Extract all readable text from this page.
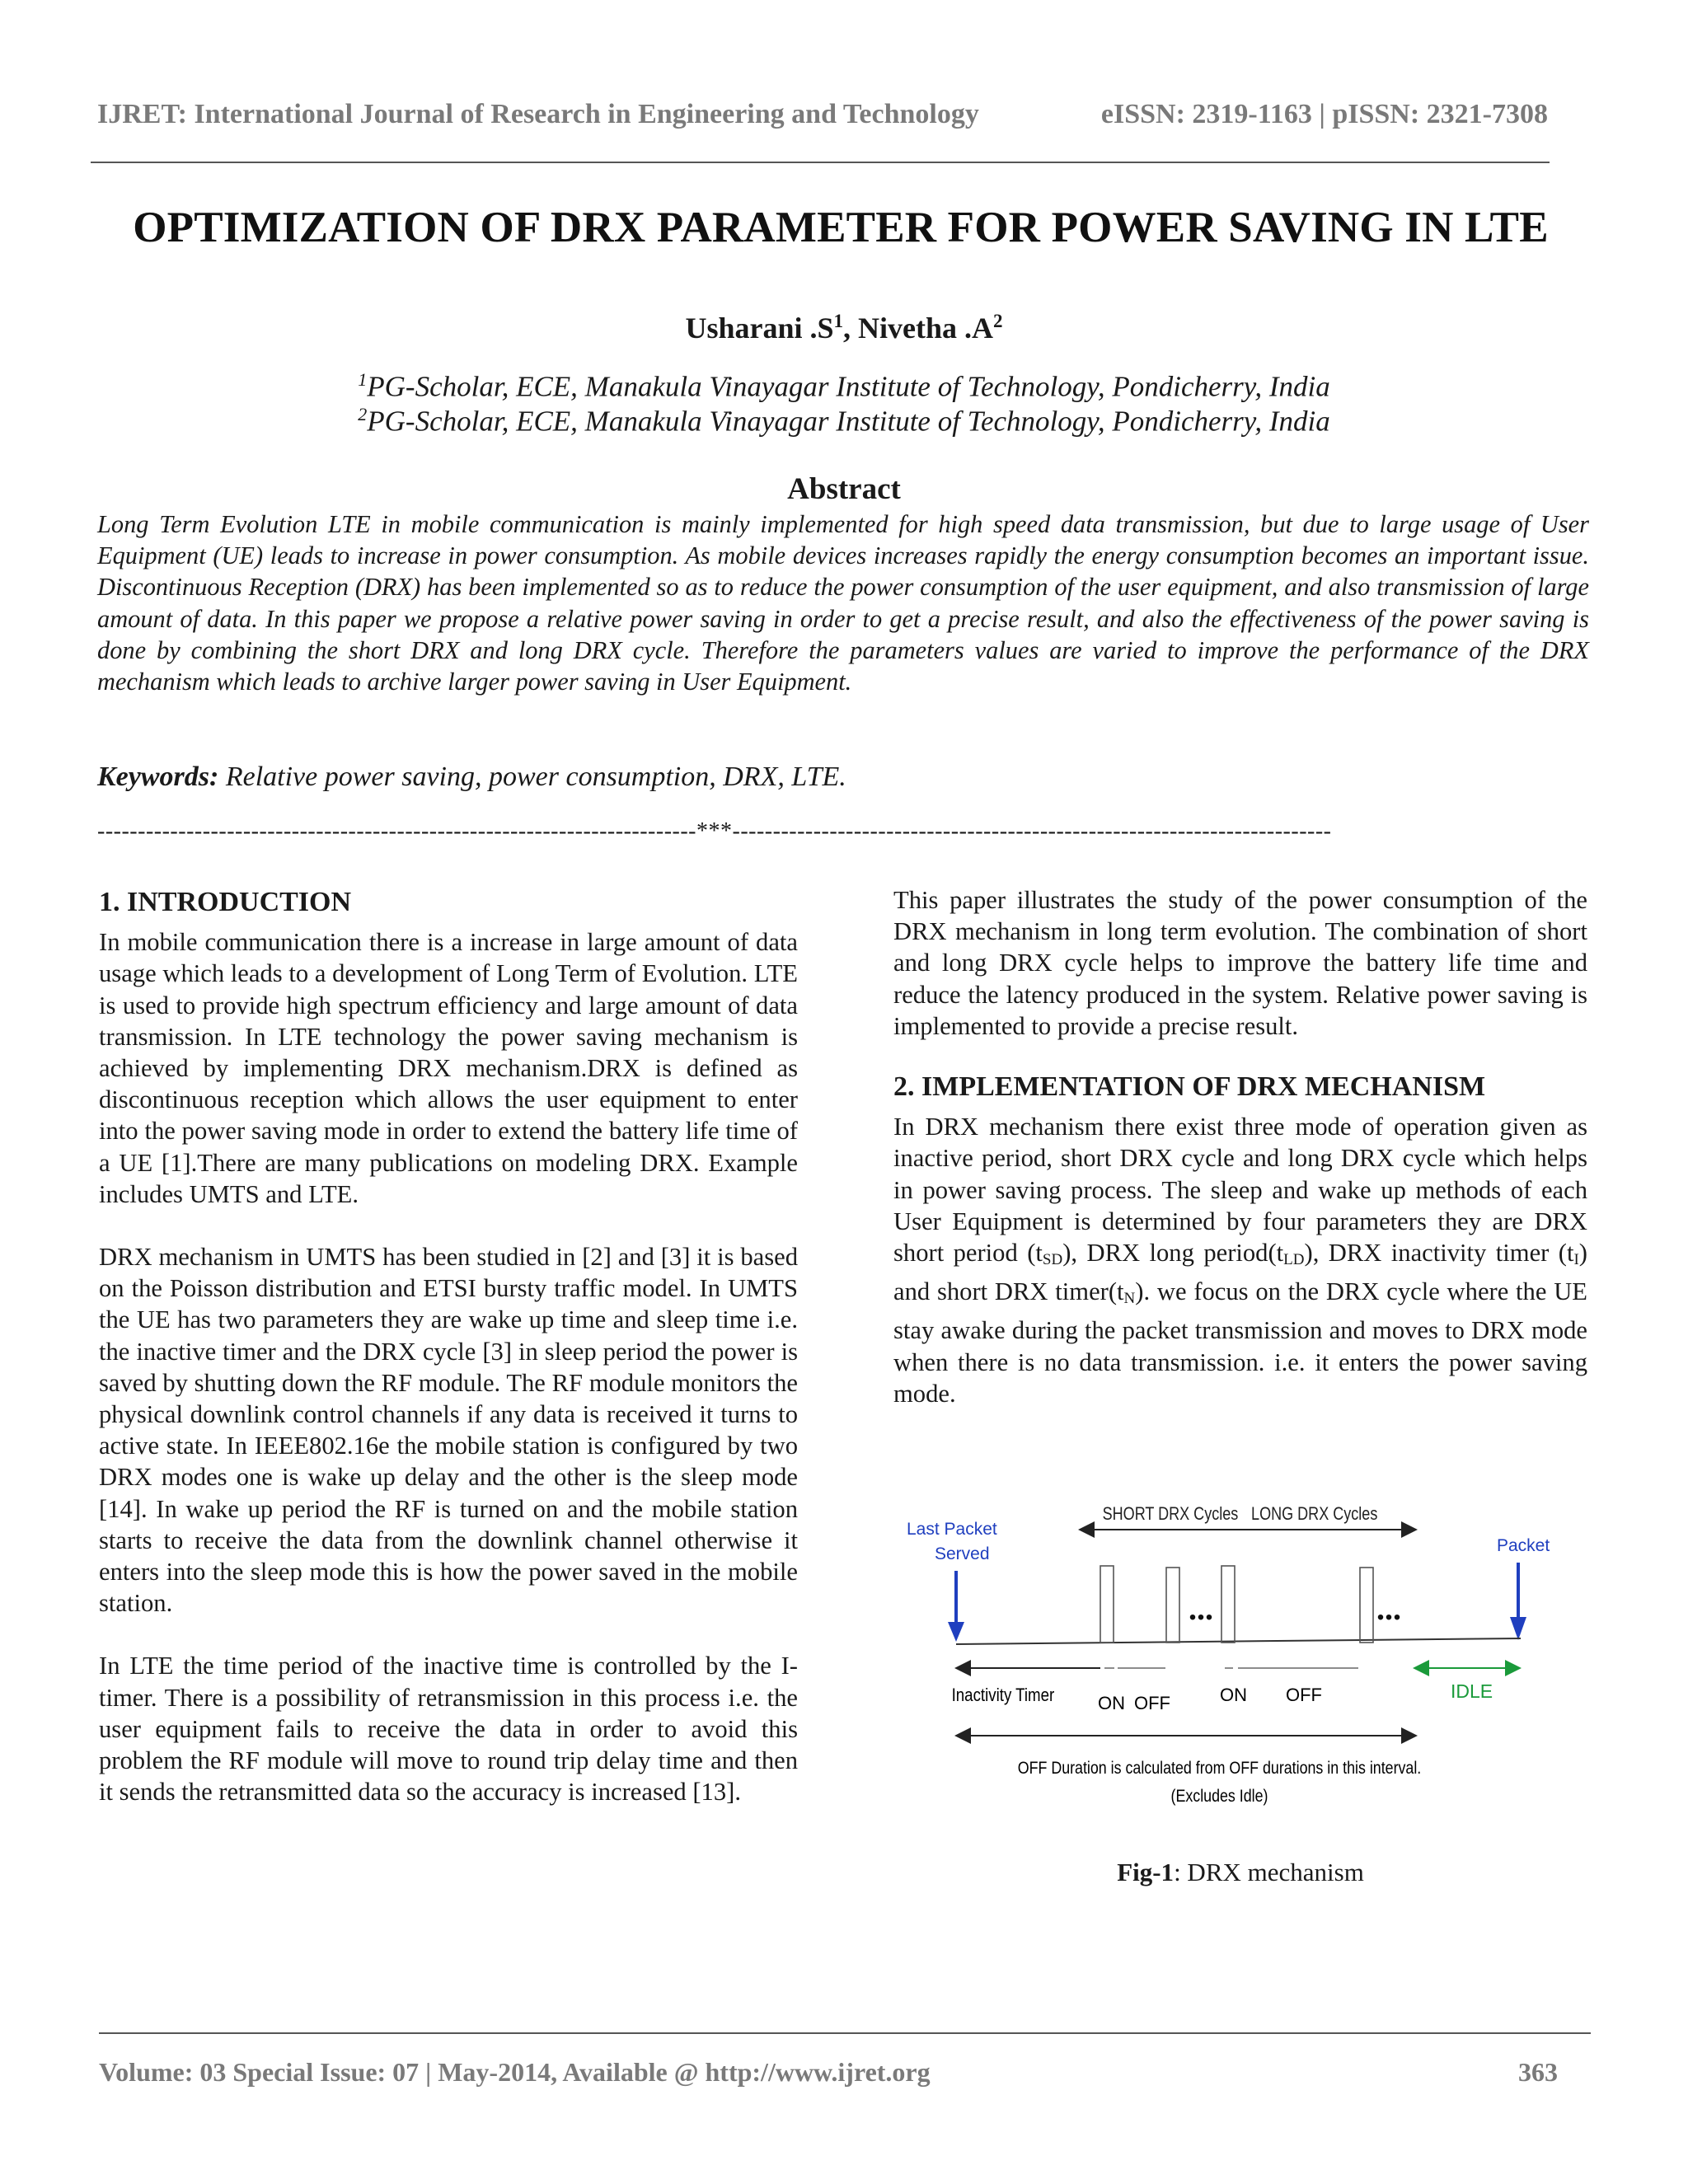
IJRET: International Journal of Research in Engineering and Technology	eISSN: 2319-1163 | pISSN: 2321-7308
OPTIMIZATION OF DRX PARAMETER FOR POWER SAVING IN LTE
Usharani $.S^1$, Nivetha $.A^2$
$^1$PG-Scholar, ECE, Manakula Vinayagar Institute of Technology, Pondicherry, India
$^2$PG-Scholar, ECE, Manakula Vinayagar Institute of Technology, Pondicherry, India
Abstract
Long Term Evolution LTE in mobile communication is mainly implemented for high speed data transmission, but due to large usage of User Equipment (UE) leads to increase in power consumption. As mobile devices increases rapidly the energy consumption becomes an important issue. Discontinuous Reception (DRX) has been implemented so as to reduce the power consumption of the user equipment, and also transmission of large amount of data. In this paper we propose a relative power saving in order to get a precise result, and also the effectiveness of the power saving is done by combining the short DRX and long DRX cycle. Therefore the parameters values are varied to improve the performance of the DRX mechanism which leads to archive larger power saving in User Equipment.
Keywords: Relative power saving, power consumption, DRX, LTE.
--------------------------------------------------------------------------***--------------------------------------------------------------------------
1. INTRODUCTION

In mobile communication there is a increase in large amount of data usage which leads to a development of Long Term of Evolution. LTE is used to provide high spectrum efficiency and large amount of data transmission. In LTE technology the power saving mechanism is achieved by implementing DRX mechanism.DRX is defined as discontinuous reception which allows the user equipment to enter into the power saving mode in order to extend the battery life time of a UE [1].There are many publications on modeling DRX. Example includes UMTS and LTE.

DRX mechanism in UMTS has been studied in [2] and [3] it is based on the Poisson distribution and ETSI bursty traffic model. In UMTS the UE has two parameters they are wake up time and sleep time i.e. the inactive timer and the DRX cycle [3] in sleep period the power is saved by shutting down the RF module. The RF module monitors the physical downlink control channels if any data is received it turns to active state. In IEEE802.16e the mobile station is configured by two DRX modes one is wake up delay and the other is the sleep mode [14]. In wake up period the RF is turned on and the mobile station starts to receive the data from the downlink channel otherwise it enters into the sleep mode this is how the power saved in the mobile station.

In LTE the time period of the inactive time is controlled by the I-timer. There is a possibility of retransmission in this process i.e. the user equipment fails to receive the data in order to avoid this problem the RF module will move to round trip delay time and then it sends the retransmitted data so the accuracy is increased [13].

This paper illustrates the study of the power consumption of the DRX mechanism in long term evolution. The combination of short and long DRX cycle helps to improve the battery life time and reduce the latency produced in the system. Relative power saving is implemented to provide a precise result.

2. IMPLEMENTATION OF DRX MECHANISM

In DRX mechanism there exist three mode of operation given as inactive period, short DRX cycle and long DRX cycle which helps in power saving process. The sleep and wake up methods of each User Equipment is determined by four parameters they are DRX short period $(t_{SD})$, DRX long $period(t_{LD})$, DRX inactivity timer $(t_I)$ and short DRX $timer(t_N)$. we focus on the DRX cycle where the UE stay awake during the packet transmission and moves to DRX mode when there is no data transmission. i.e. it enters the power saving mode.

SHORT DRX Cycles LONG DRX Cycles
Last Packet
Served	Packet
...	...
Inactivity Timer ON OFF	ON OFF	IDLE
OFF Duration is calculated from OFF durations in this interval.
(Excludes Idle)
Fig-1: DRX mechanism
Volume: 03 Special Issue: 07 | May-2014, Available @ http://www.ijret.org	363
